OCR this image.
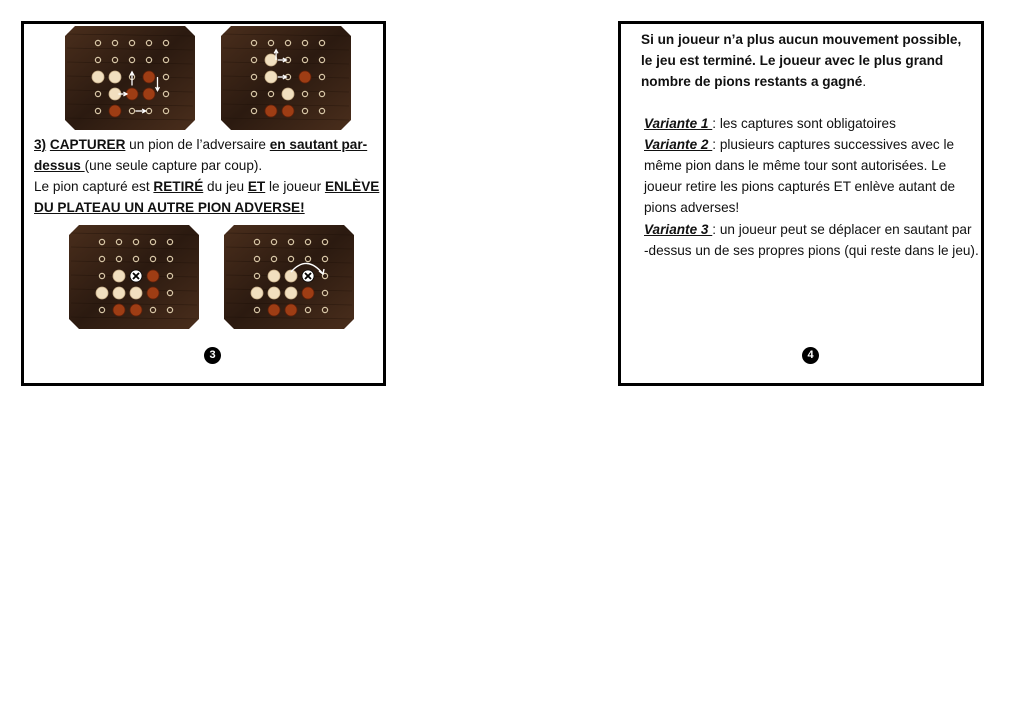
3) CAPTURER un pion de l’adversaire en sautant par-
dessus (une seule capture par coup).
Le pion capturé est RETIRÉ du jeu ET le joueur ENLÈVE
DU PLATEAU UN AUTRE PION ADVERSE!
3
Si un joueur n’a plus aucun mouvement possible,
le jeu est terminé. Le joueur avec le plus grand
nombre de pions restants a gagné.
Variante 1 : les captures sont obligatoires
Variante 2 : plusieurs captures successives avec le
même pion dans le même tour sont autorisées. Le
joueur retire les pions capturés ET enlève autant de
pions adverses!
Variante 3 : un joueur peut se déplacer en sautant par
-dessus un de ses propres pions (qui reste dans le jeu).
4
